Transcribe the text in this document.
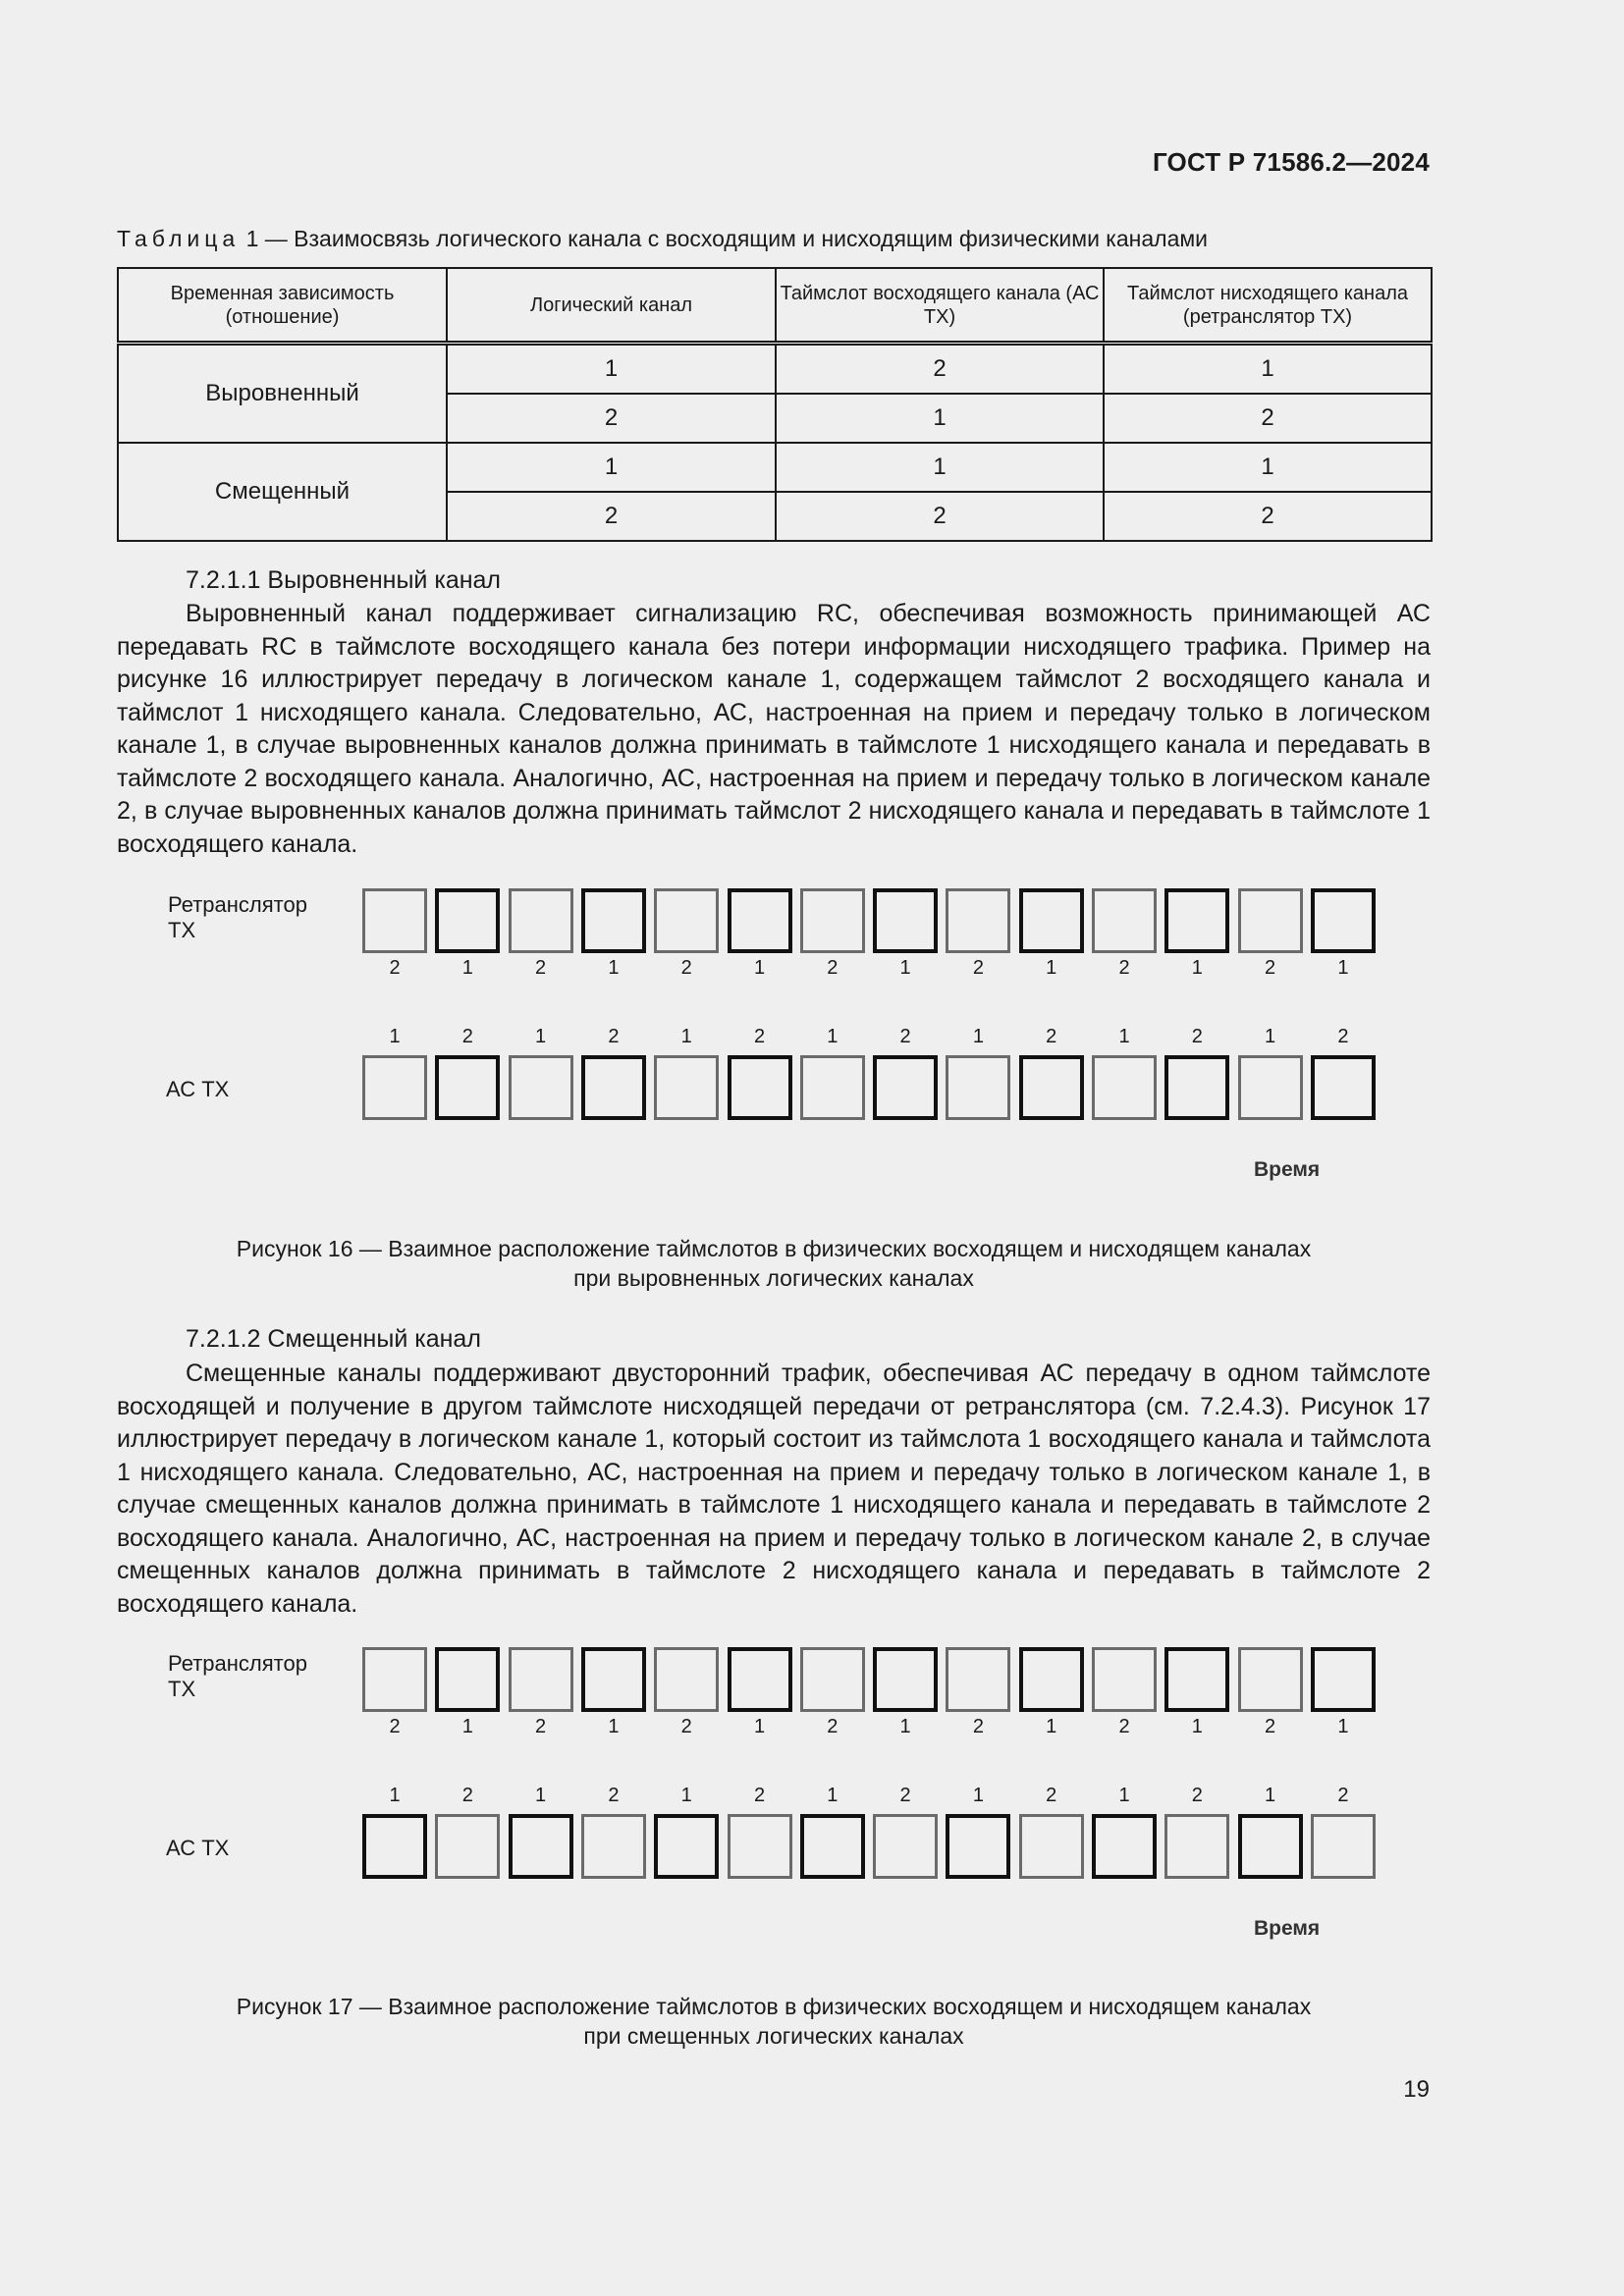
ГОСТ Р 71586.2—2024
Таблица 1 — Взаимосвязь логического канала с восходящим и нисходящим физическими каналами
Временная зависимость (отношение)	Логический канал	Таймслот восходящего канала (АС ТХ)	Таймслот нисходящего канала (ретранслятор ТХ)
Выровненный	1	2	1
	2	1	2
Смещенный	1	1	1
	2	2	2
7.2.1.1 Выровненный канал

Выровненный канал поддерживает сигнализацию RC, обеспечивая возможность принимающей АС передавать RC в таймслоте восходящего канала без потери информации нисходящего трафика. Пример на рисунке 16 иллюстрирует передачу в логическом канале 1, содержащем таймслот 2 восходящего канала и таймслот 1 нисходящего канала. Следовательно, АС, настроенная на прием и передачу только в логическом канале 1, в случае выровненных каналов должна принимать в таймслоте 1 нисходящего канала и передавать в таймслоте 2 восходящего канала. Аналогично, АС, настроенная на прием и передачу только в логическом канале 2, в случае выровненных каналов должна принимать таймслот 2 нисходящего канала и передавать в таймслоте 1 восходящего канала.

Ретранслятор
ТХ
АС ТХ
2
1
1
2
2
1
1
2
2
1
1
2
2
1
1
2
2
1
1
2
2
1
1
2
2
1
1
2
Время
Рисунок 16 — Взаимное расположение таймслотов в физических восходящем и нисходящем каналах
при выровненных логических каналах
7.2.1.2 Смещенный канал

Смещенные каналы поддерживают двусторонний трафик, обеспечивая АС передачу в одном таймслоте восходящей и получение в другом таймслоте нисходящей передачи от ретранслятора (см. 7.2.4.3). Рисунок 17 иллюстрирует передачу в логическом канале 1, который состоит из таймслота 1 восходящего канала и таймслота 1 нисходящего канала. Следовательно, АС, настроенная на прием и передачу только в логическом канале 1, в случае смещенных каналов должна принимать в таймслоте 1 нисходящего канала и передавать в таймслоте 2 восходящего канала. Аналогично, АС, настроенная на прием и передачу только в логическом канале 2, в случае смещенных каналов должна принимать в таймслоте 2 нисходящего канала и передавать в таймслоте 2 восходящего канала.

Ретранслятор
ТХ
АС ТХ
2
1
1
2
2
1
1
2
2
1
1
2
2
1
1
2
2
1
1
2
2
1
1
2
2
1
1
2
Время
Рисунок 17 — Взаимное расположение таймслотов в физических восходящем и нисходящем каналах
при смещенных логических каналах
19
